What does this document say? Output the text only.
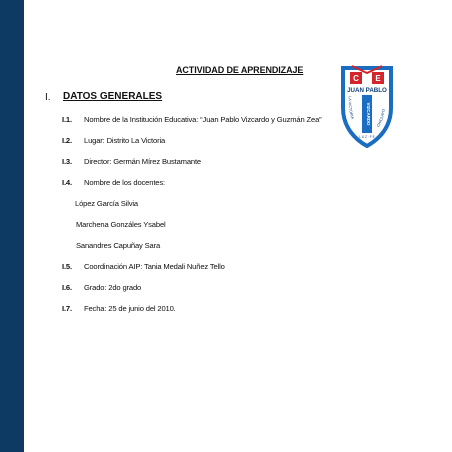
ACTIVIDAD DE APRENDIZAJE
I. DATOS GENERALES
I.1. Nombre de la Institución Educativa: “Juan Pablo Vizcardo y Guzmán Zea”
I.2. Lugar: Distrito La Victoria
I.3. Director: Germán Mírez Bustamante
I.4. Nombre de los docentes:
López García Silvia
Marchena Gonzáles Ysabel
Sanandres Capuñay Sara
I.5. Coordinación AIP: Tania Medali Nuñez Tello
I.6. Grado: 2do grado
I.7. Fecha: 25 de junio del 2010.
C E
JUAN PABLO
VIZCARDO
LA VICTORIA
CHICLAYO
L U Z · F E
